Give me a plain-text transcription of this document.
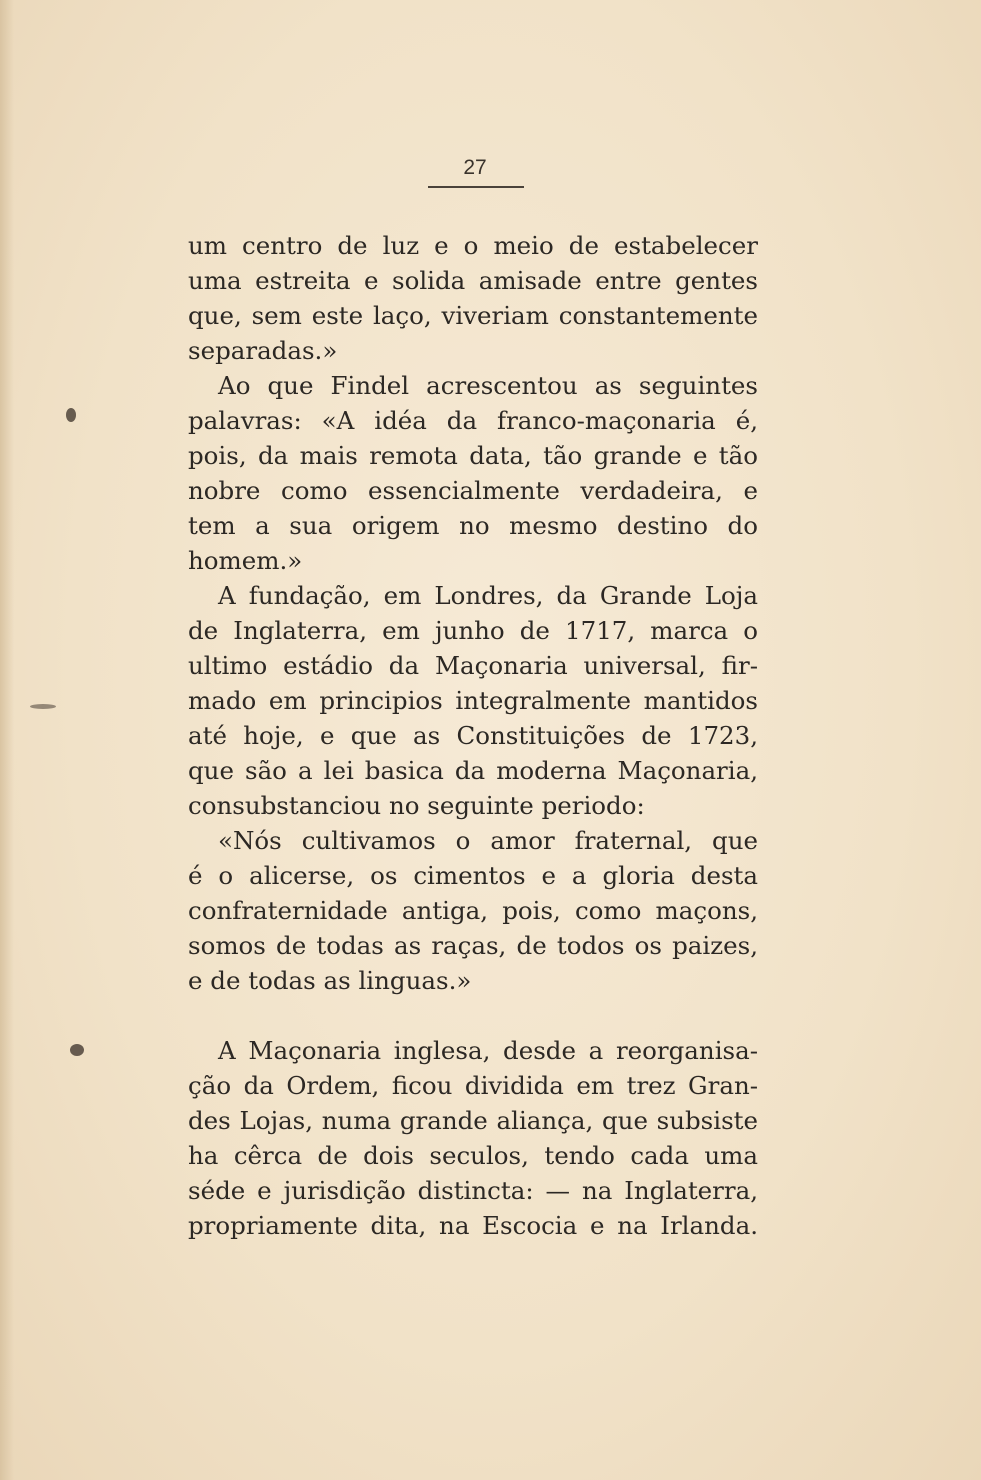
27

um centro de luz e o meio de estabelecer
uma estreita e solida amisade entre gentes
que, sem este laço, viveriam constantemente
separadas.»

Ao que Findel acrescentou as seguintes
palavras: «A idéa da franco-maçonaria é,
pois, da mais remota data, tão grande e tão
nobre como essencialmente verdadeira, e
tem a sua origem no mesmo destino do
homem.»

A fundação, em Londres, da Grande Loja
de Inglaterra, em junho de 1717, marca o
ultimo estádio da Maçonaria universal, fir-
mado em principios integralmente mantidos
até hoje, e que as Constituições de 1723,
que são a lei basica da moderna Maçonaria,
consubstanciou no seguinte periodo:

«Nós cultivamos o amor fraternal, que
é o alicerse, os cimentos e a gloria desta
confraternidade antiga, pois, como maçons,
somos de todas as raças, de todos os paizes,
e de todas as linguas.»

A Maçonaria inglesa, desde a reorganisa-
ção da Ordem, ficou dividida em trez Gran-
des Lojas, numa grande aliança, que subsiste
ha cêrca de dois seculos, tendo cada uma
séde e jurisdição distincta: — na Inglaterra,
propriamente dita, na Escocia e na Irlanda.
